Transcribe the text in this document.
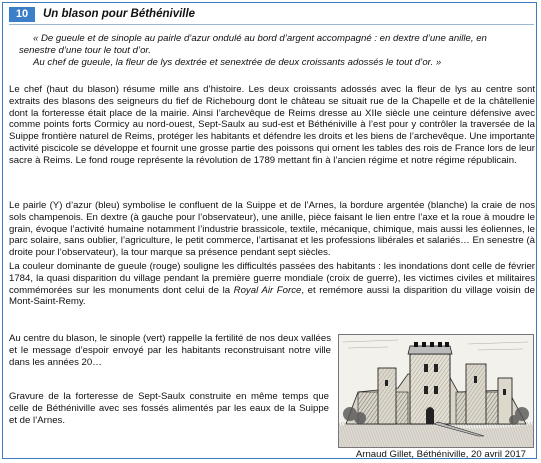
10	Un blason pour Béthéniville
« De gueule et de sinople au pairle d’azur ondulé au bord d’argent accompagné : en dextre d’une anille, en senestre d’une tour le tout d’or.
Au chef de gueule, la fleur de lys dextrée et senextrée de deux croissants adossés le tout d’or. »

Le chef (haut du blason) résume mille ans d’histoire. Les deux croissants adossés avec la fleur de lys au centre sont extraits des blasons des seigneurs du fief de Richebourg dont le château se situait rue de la Chapelle et de la châtellenie dont la forteresse était place de la mairie. Ainsi l’archevêque de Reims dresse au XIIe siècle une ceinture défensive avec comme points forts Cormicy au nord-ouest, Sept-Saulx au sud-est et Béthéniville à l’est pour y contrôler la traversée de la Suippe frontière naturel de Reims, protéger les habitants et défendre les droits et les biens de l’archevêque. Une importante activité piscicole se développe et fournit une grosse partie des poissons qui ornent les tables des rois de France lors de leur sacre à Reims. Le fond rouge représente la révolution de 1789 mettant fin à l’ancien régime et notre régime républicain.

Le pairle (Y) d’azur (bleu) symbolise le confluent de la Suippe et de l’Arnes, la bordure argentée (blanche) la craie de nos sols champenois. En dextre (à gauche pour l’observateur), une anille, pièce faisant le lien entre l’axe et la roue à moudre le grain, évoque l’activité humaine notamment l’industrie brassicole, textile, mécanique, chimique, mais aussi les éoliennes, le parc solaire, sans oublier, l’agriculture, le petit commerce, l’artisanat et les professions libérales et salariés… En senestre (à droite pour l’observateur), la tour marque sa présence pendant sept siècles.

La couleur dominante de gueule (rouge) souligne les difficultés passées des habitants : les inondations dont celle de février 1784, la quasi disparition du village pendant la première guerre mondiale (croix de guerre), les victimes civiles et militaires commémorées sur les monuments dont celui de la Royal Air Force, et remémore aussi la disparition du village voisin de Mont-Saint-Remy.

Au centre du blason, le sinople (vert) rappelle la fertilité de nos deux vallées et le message d’espoir envoyé par les habitants reconstruisant notre ville dans les années 20…

Gravure de la forteresse de Sept-Saulx construite en même temps que celle de Béthéniville avec ses fossés alimentés par les eaux de la Suippe et de l’Arnes.

Arnaud Gillet, Béthéniville, 20 avril 2017
